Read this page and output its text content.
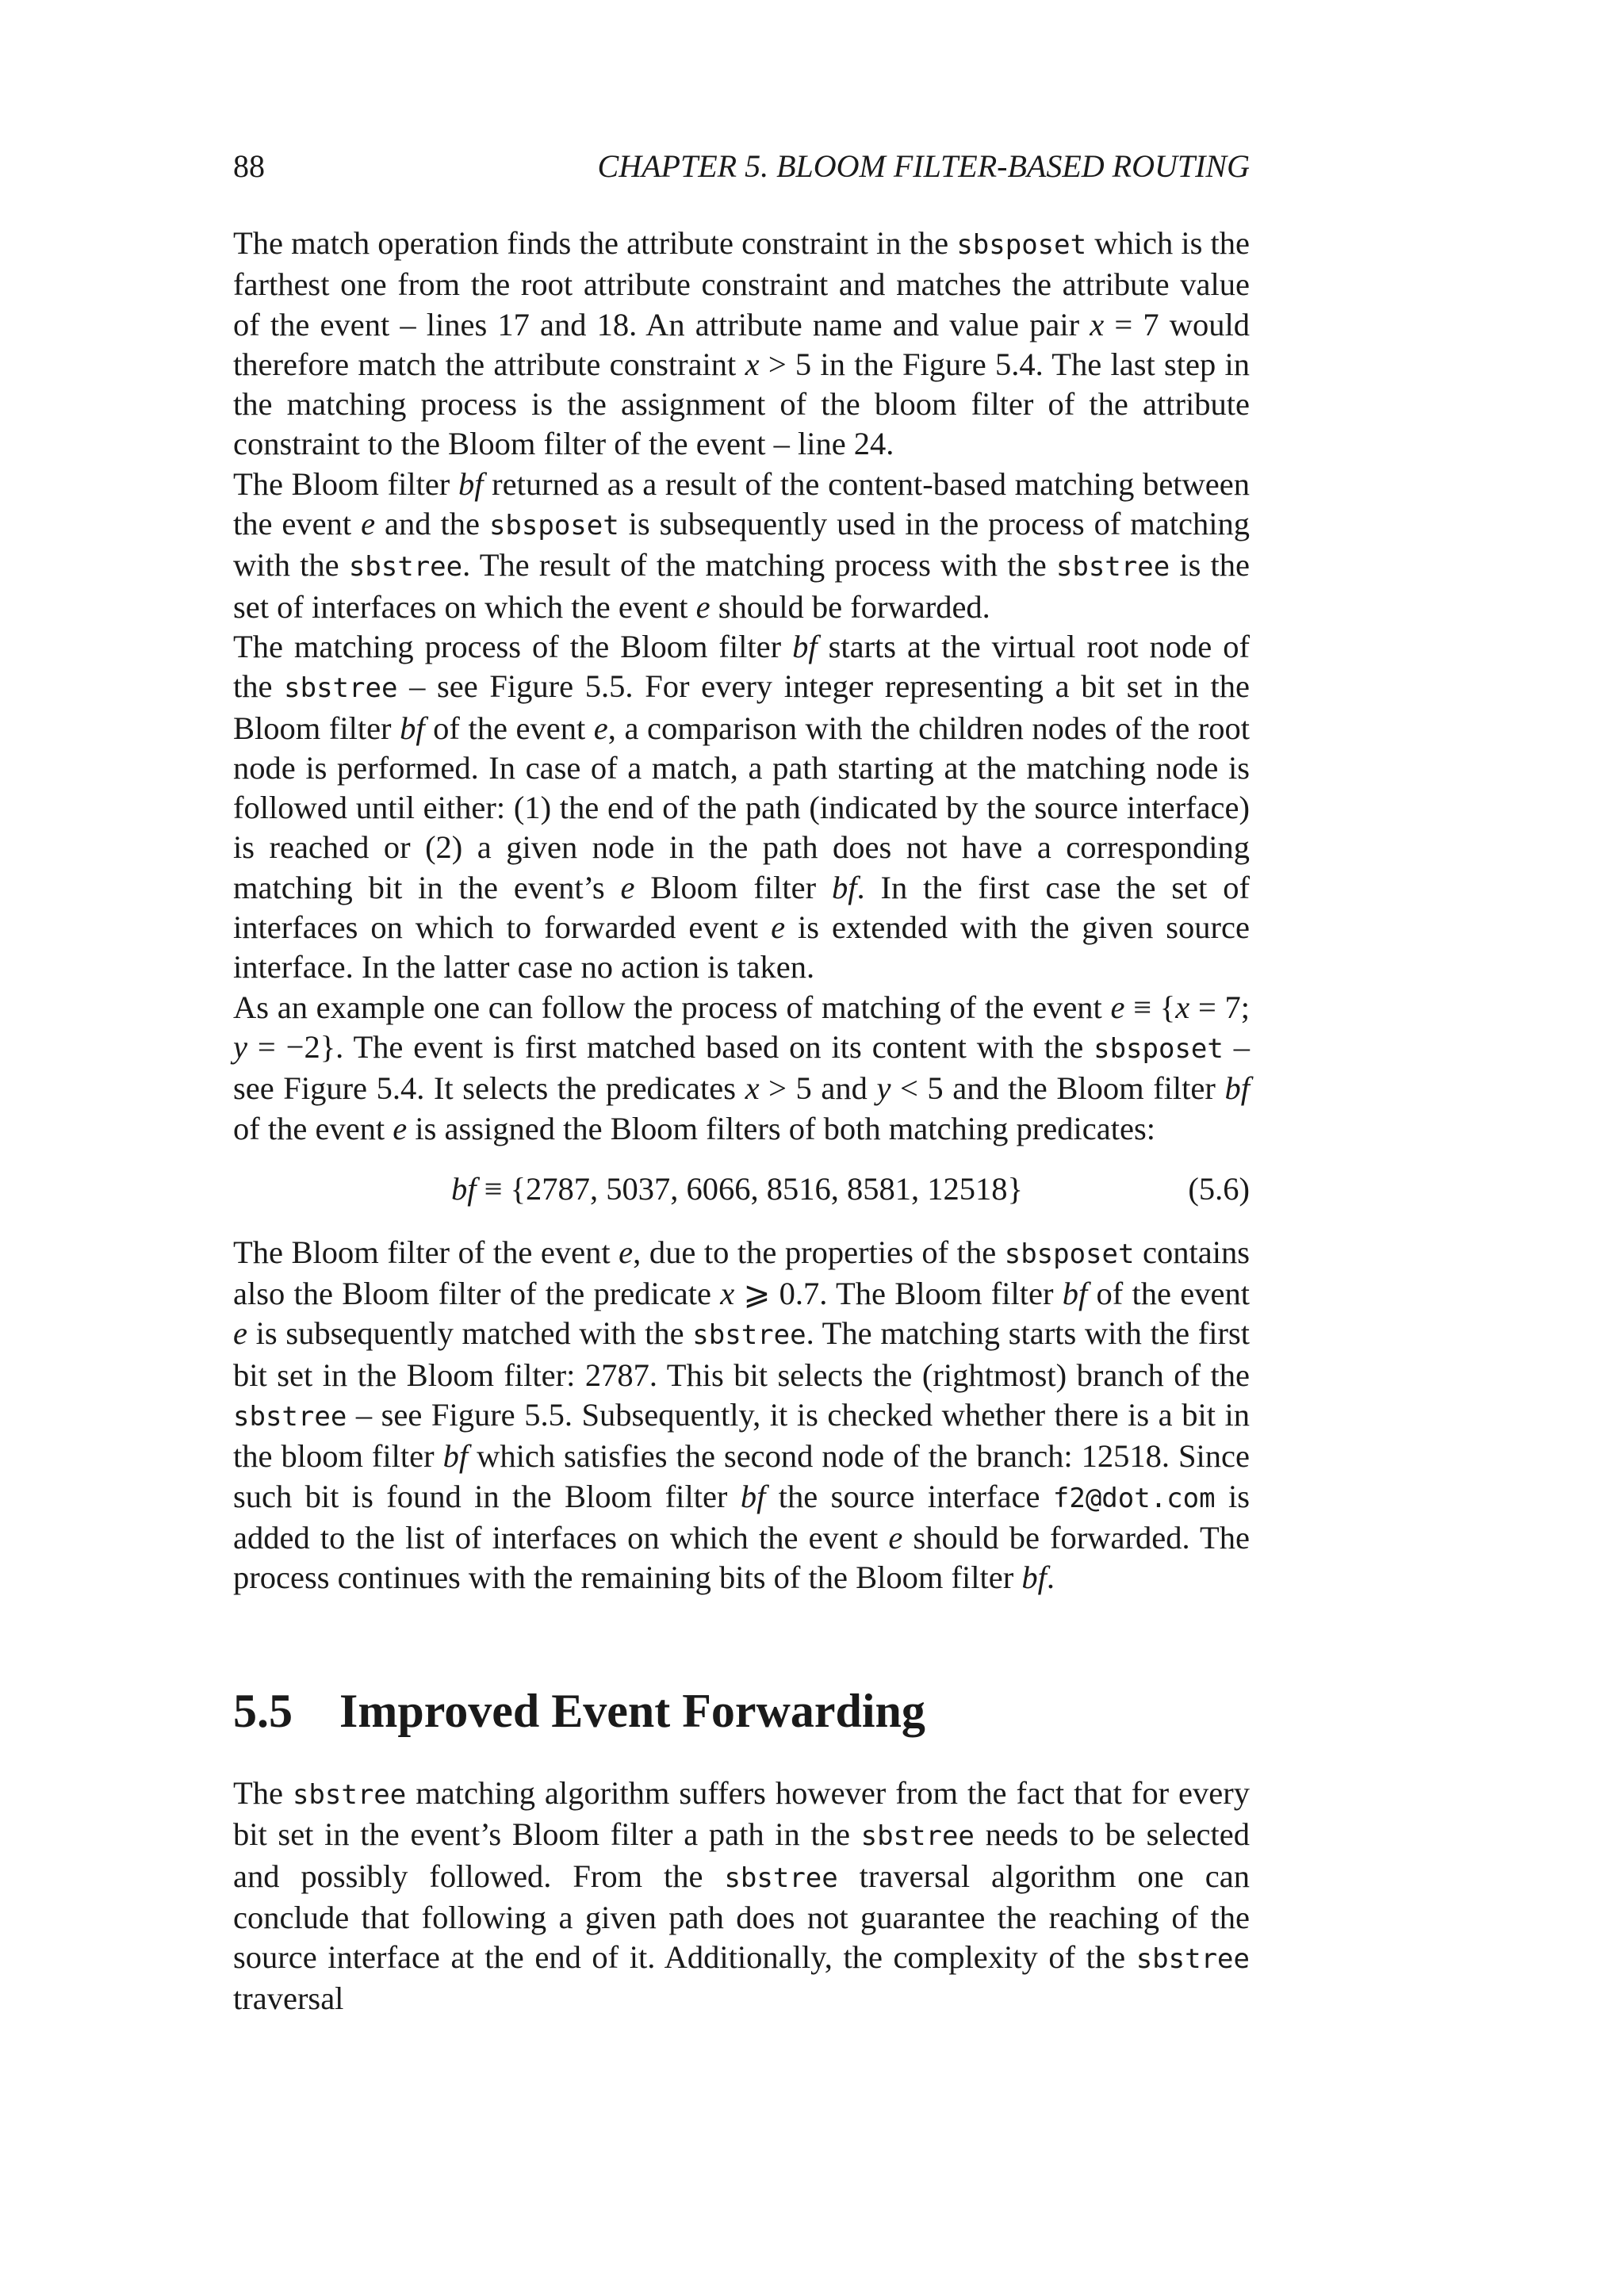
88	CHAPTER 5. BLOOM FILTER-BASED ROUTING

The match operation finds the attribute constraint in the sbsposet which is the farthest one from the root attribute constraint and matches the attribute value of the event – lines 17 and 18. An attribute name and value pair x = 7 would therefore match the attribute constraint x > 5 in the Figure 5.4. The last step in the matching process is the assignment of the bloom filter of the attribute constraint to the Bloom filter of the event – line 24.

The Bloom filter bf returned as a result of the content-based matching between the event e and the sbsposet is subsequently used in the process of matching with the sbstree. The result of the matching process with the sbstree is the set of interfaces on which the event e should be forwarded.

The matching process of the Bloom filter bf starts at the virtual root node of the sbstree – see Figure 5.5. For every integer representing a bit set in the Bloom filter bf of the event e, a comparison with the children nodes of the root node is performed. In case of a match, a path starting at the matching node is followed until either: (1) the end of the path (indicated by the source interface) is reached or (2) a given node in the path does not have a corresponding matching bit in the event’s e Bloom filter bf. In the first case the set of interfaces on which to forwarded event e is extended with the given source interface. In the latter case no action is taken.

As an example one can follow the process of matching of the event e ≡ {x = 7; y = −2}. The event is first matched based on its content with the sbsposet – see Figure 5.4. It selects the predicates x > 5 and y < 5 and the Bloom filter bf of the event e is assigned the Bloom filters of both matching predicates:

bf ≡ {2787, 5037, 6066, 8516, 8581, 12518}	(5.6)

The Bloom filter of the event e, due to the properties of the sbsposet contains also the Bloom filter of the predicate x ⩾ 0.7. The Bloom filter bf of the event e is subsequently matched with the sbstree. The matching starts with the first bit set in the Bloom filter: 2787. This bit selects the (rightmost) branch of the sbstree – see Figure 5.5. Subsequently, it is checked whether there is a bit in the bloom filter bf which satisfies the second node of the branch: 12518. Since such bit is found in the Bloom filter bf the source interface f2@dot.com is added to the list of interfaces on which the event e should be forwarded. The process continues with the remaining bits of the Bloom filter bf.

5.5 Improved Event Forwarding

The sbstree matching algorithm suffers however from the fact that for every bit set in the event’s Bloom filter a path in the sbstree needs to be selected and possibly followed. From the sbstree traversal algorithm one can conclude that following a given path does not guarantee the reaching of the source interface at the end of it. Additionally, the complexity of the sbstree traversal
